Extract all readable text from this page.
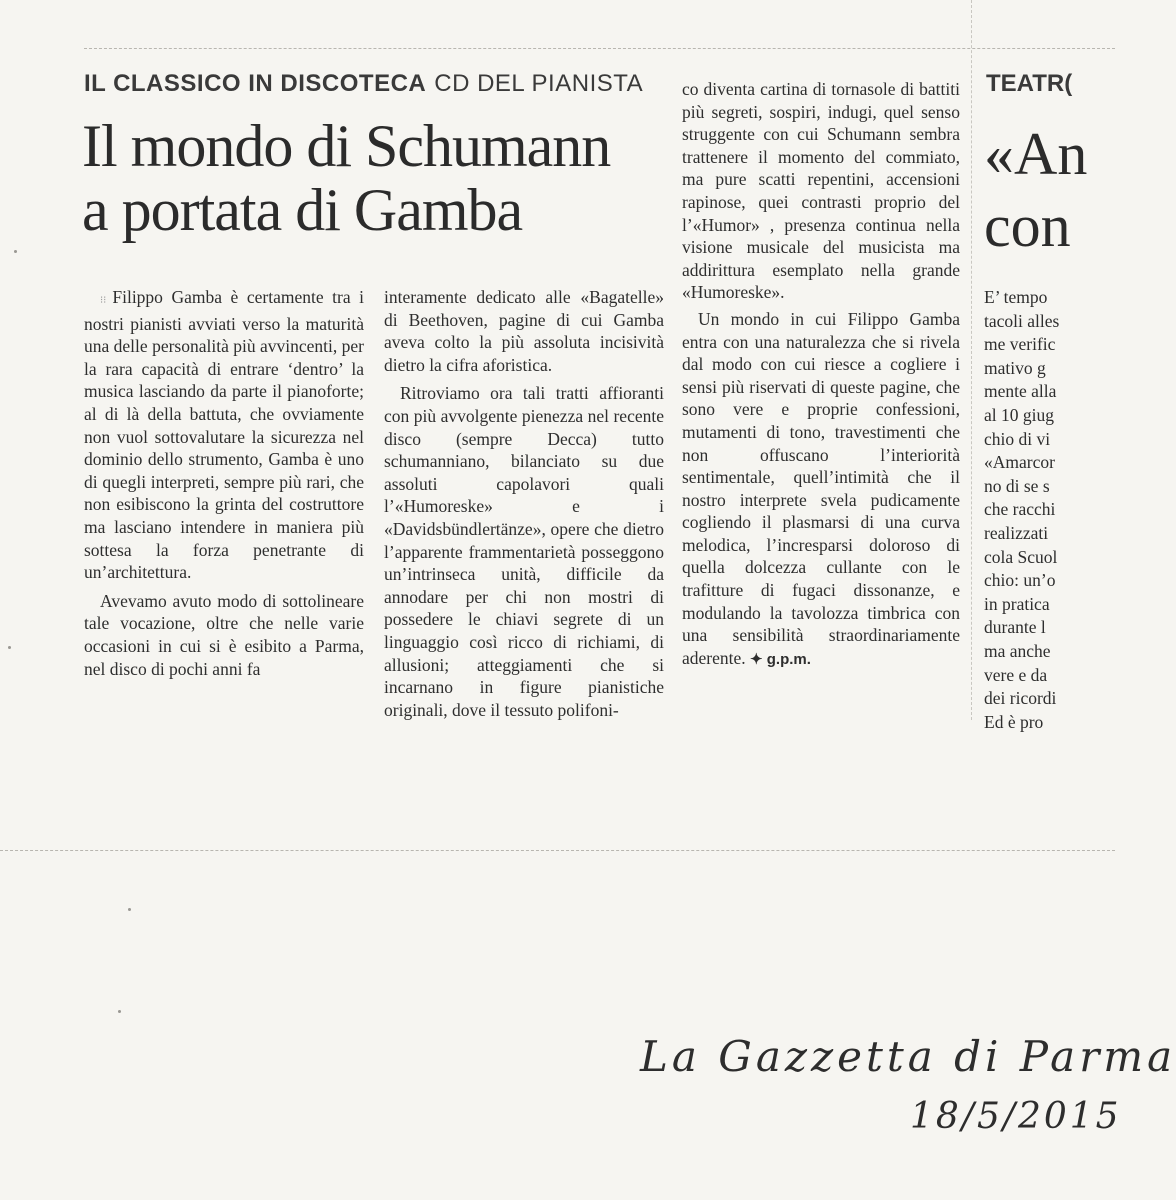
IL CLASSICO IN DISCOTECA CD DEL PIANISTA
Il mondo di Schumann
a portata di Gamba

⁝⁝ Filippo Gamba è certamente tra i nostri pianisti avviati verso la maturità una delle personalità più avvincenti, per la rara capacità di entrare ‘dentro’ la musica lasciando da parte il pianoforte; al di là della battuta, che ovviamente non vuol sottovalutare la sicurezza nel dominio dello strumento, Gamba è uno di quegli interpreti, sempre più rari, che non esibiscono la grinta del costruttore ma lasciano intendere in maniera più sottesa la forza penetrante di un’architettura.

Avevamo avuto modo di sottolineare tale vocazione, oltre che nelle varie occasioni in cui si è esibito a Parma, nel disco di pochi anni fa

interamente dedicato alle «Bagatelle» di Beethoven, pagine di cui Gamba aveva colto la più assoluta incisività dietro la cifra aforistica.

Ritroviamo ora tali tratti affioranti con più avvolgente pienezza nel recente disco (sempre Decca) tutto schumanniano, bilanciato su due assoluti capolavori quali l’«Humoreske» e i «Davidsbündlertänze», opere che dietro l’apparente frammentarietà posseggono un’intrinseca unità, difficile da annodare per chi non mostri di possedere le chiavi segrete di un linguaggio così ricco di richiami, di allusioni; atteggiamenti che si incarnano in figure pianistiche originali, dove il tessuto polifoni-

co diventa cartina di tornasole di battiti più segreti, sospiri, indugi, quel senso struggente con cui Schumann sembra trattenere il momento del commiato, ma pure scatti repentini, accensioni rapinose, quei contrasti proprio del l’«Humor» , presenza continua nella visione musicale del musicista ma addirittura esemplato nella grande «Humoreske».

Un mondo in cui Filippo Gamba entra con una naturalezza che si rivela dal modo con cui riesce a cogliere i sensi più riservati di queste pagine, che sono vere e proprie confessioni, mutamenti di tono, travestimenti che non offuscano l’interiorità sentimentale, quell’intimità che il nostro interprete svela pudicamente cogliendo il plasmarsi di una curva melodica, l’incresparsi doloroso di quella dolcezza cullante con le trafitture di fugaci dissonanze, e modulando la tavolozza timbrica con una sensibilità straordinariamente aderente. ✦ g.p.m.

TEATR(
«An
con
E’ tempo
tacoli alles
me verific
mativo g
mente alla
al 10 giug
chio di vi
«Amarcor
no di se s
che racchi
realizzati
cola Scuol
chio: un’o
in pratica
durante l
ma anche
vere e da
dei ricordi
Ed è pro
La Gazzetta di Parma
18/5/2015
